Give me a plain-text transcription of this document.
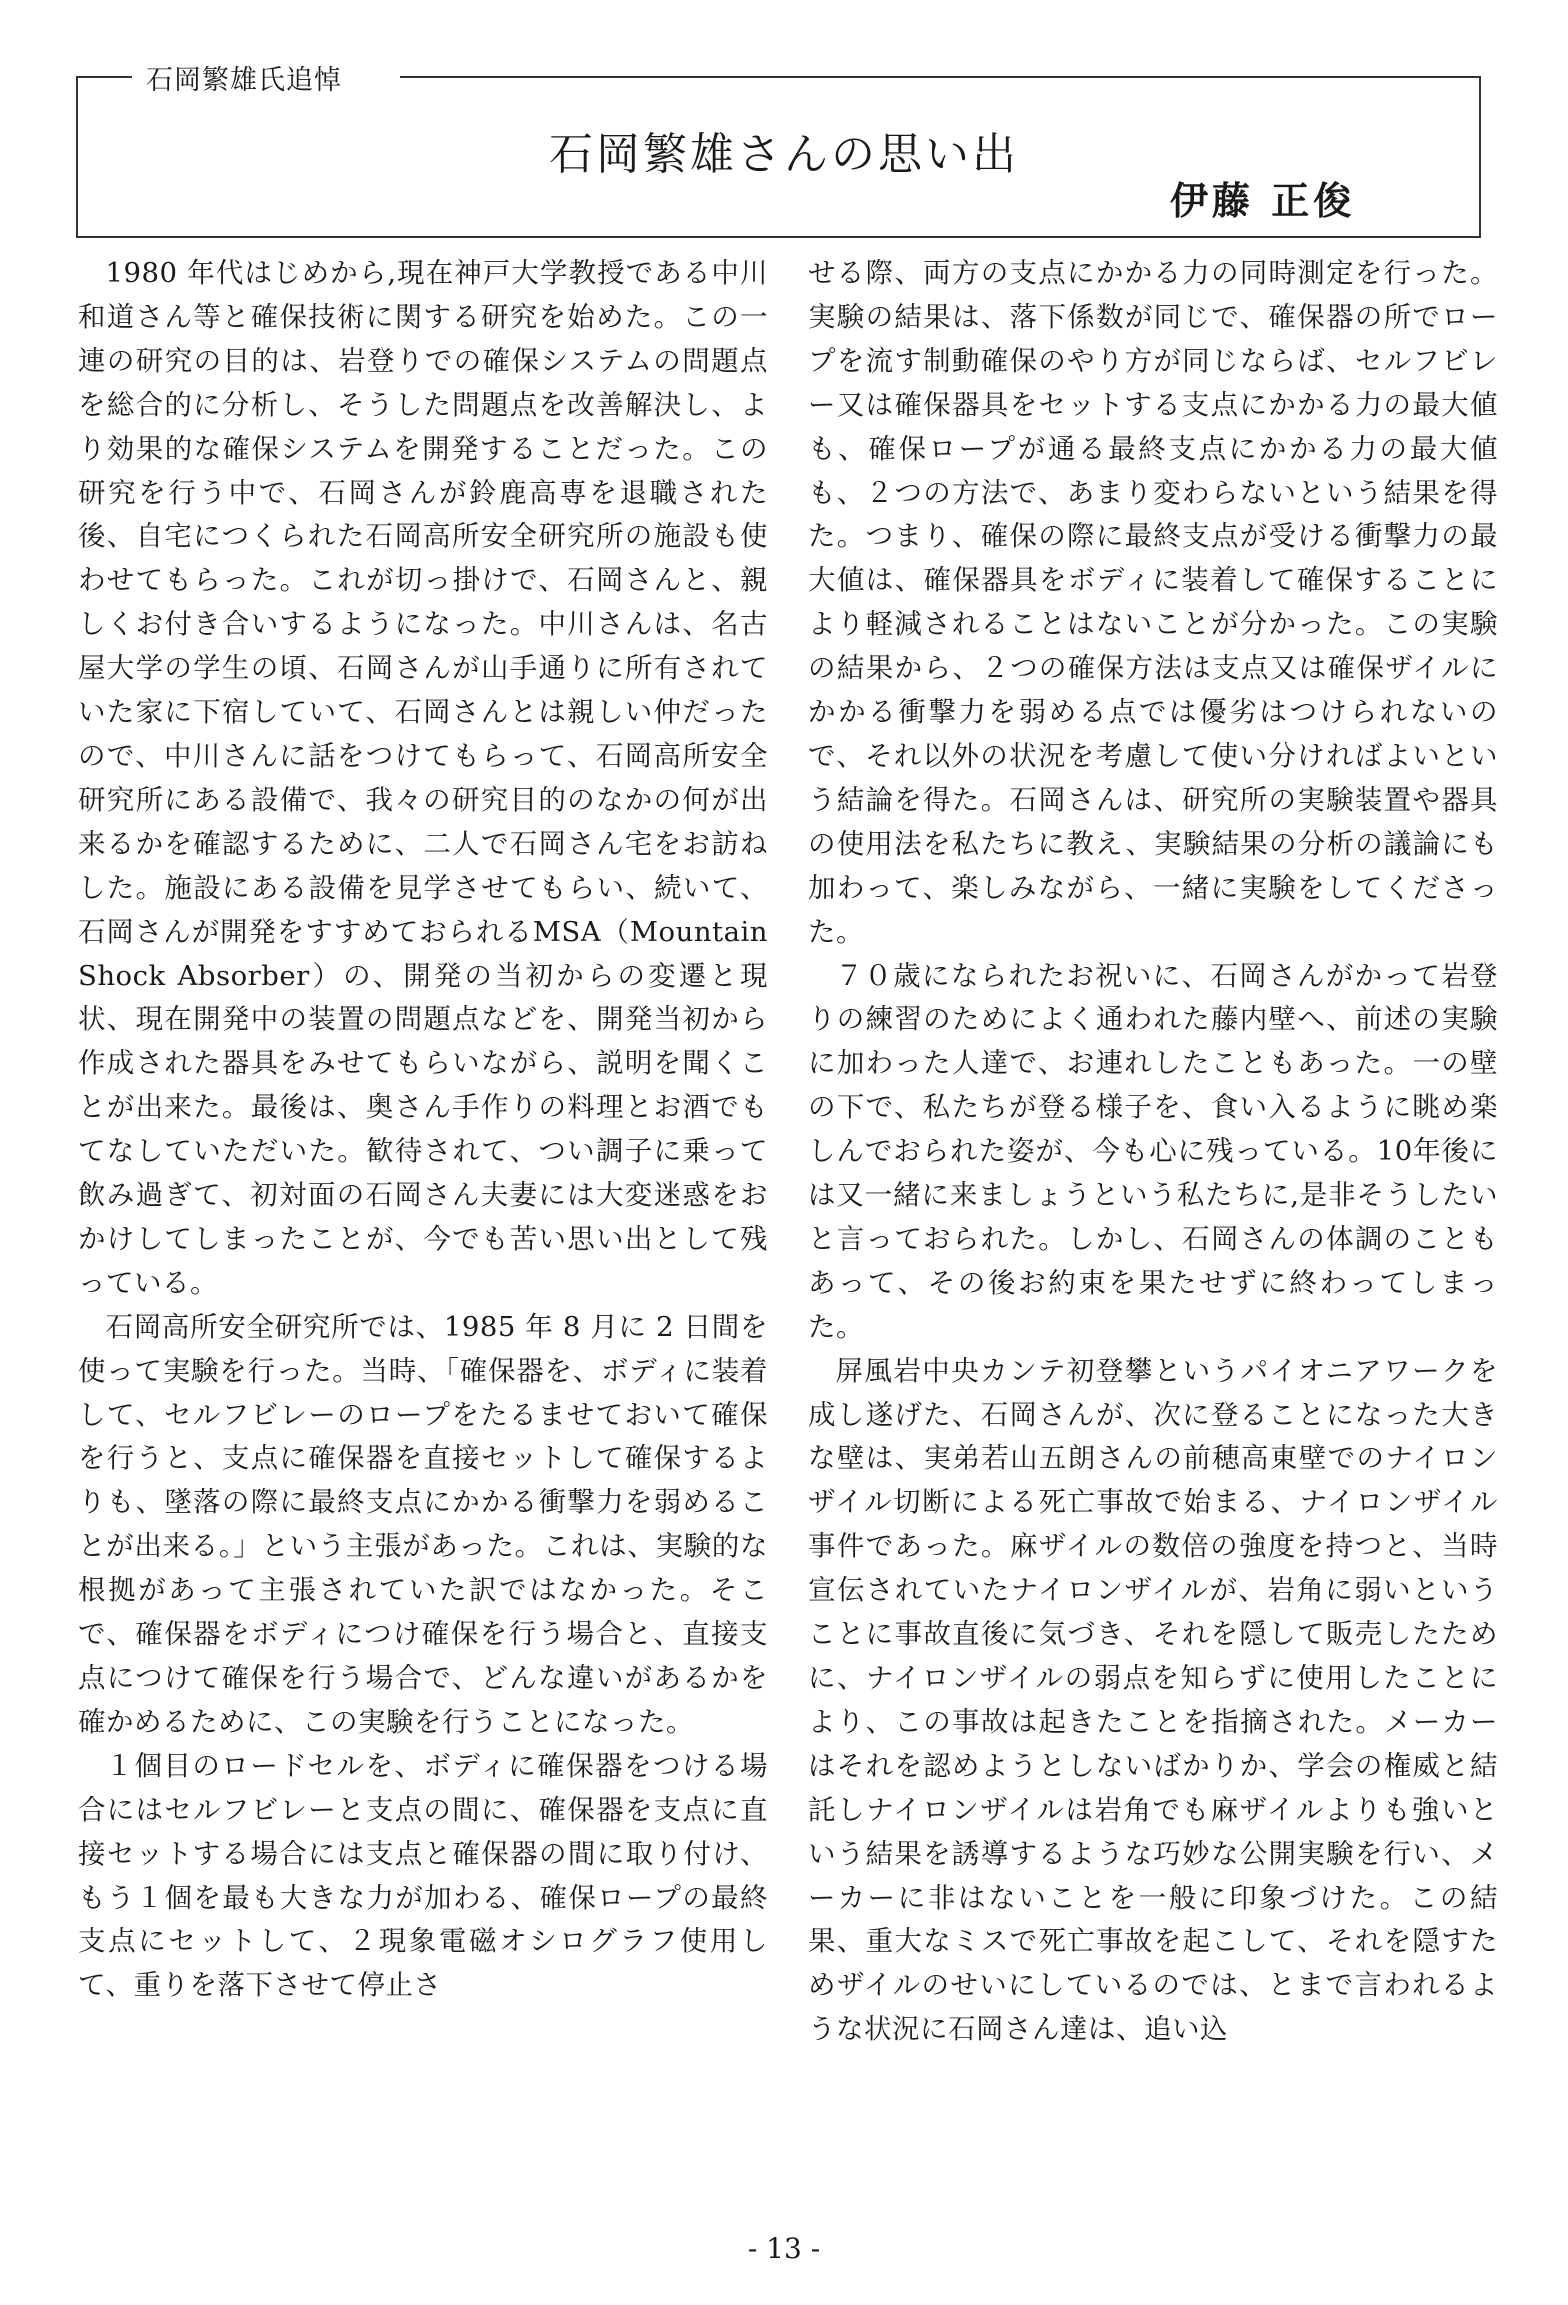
石岡繁雄氏追悼
石岡繁雄さんの思い出
伊藤 正俊

1980 年代はじめから,現在神戸大学教授である中川和道さん等と確保技術に関する研究を始めた。この一連の研究の目的は、岩登りでの確保システムの問題点を総合的に分析し、そうした問題点を改善解決し、より効果的な確保システムを開発することだった。この研究を行う中で、石岡さんが鈴鹿高専を退職された後、自宅につくられた石岡高所安全研究所の施設も使わせてもらった。これが切っ掛けで、石岡さんと、親しくお付き合いするようになった。中川さんは、名古屋大学の学生の頃、石岡さんが山手通りに所有されていた家に下宿していて、石岡さんとは親しい仲だったので、中川さんに話をつけてもらって、石岡高所安全研究所にある設備で、我々の研究目的のなかの何が出来るかを確認するために、二人で石岡さん宅をお訪ねした。施設にある設備を見学させてもらい、続いて、石岡さんが開発をすすめておられるMSA（Mountain Shock Absorber）の、開発の当初からの変遷と現状、現在開発中の装置の問題点などを、開発当初から作成された器具をみせてもらいながら、説明を聞くことが出来た。最後は、奥さん手作りの料理とお酒でもてなしていただいた。歓待されて、つい調子に乗って飲み過ぎて、初対面の石岡さん夫妻には大変迷惑をおかけしてしまったことが、今でも苦い思い出として残っている。

石岡高所安全研究所では、1985 年 8 月に 2 日間を使って実験を行った。当時、「確保器を、ボディに装着して、セルフビレーのロープをたるませておいて確保を行うと、支点に確保器を直接セットして確保するよりも、墜落の際に最終支点にかかる衝撃力を弱めることが出来る。」という主張があった。これは、実験的な根拠があって主張されていた訳ではなかった。そこで、確保器をボディにつけ確保を行う場合と、直接支点につけて確保を行う場合で、どんな違いがあるかを確かめるために、この実験を行うことになった。

１個目のロードセルを、ボディに確保器をつける場合にはセルフビレーと支点の間に、確保器を支点に直接セットする場合には支点と確保器の間に取り付け、もう１個を最も大きな力が加わる、確保ロープの最終支点にセットして、２現象電磁オシログラフ使用して、重りを落下させて停止さ

せる際、両方の支点にかかる力の同時測定を行った。実験の結果は、落下係数が同じで、確保器の所でロープを流す制動確保のやり方が同じならば、セルフビレー又は確保器具をセットする支点にかかる力の最大値も、確保ロープが通る最終支点にかかる力の最大値も、２つの方法で、あまり変わらないという結果を得た。つまり、確保の際に最終支点が受ける衝撃力の最大値は、確保器具をボディに装着して確保することにより軽減されることはないことが分かった。この実験の結果から、２つの確保方法は支点又は確保ザイルにかかる衝撃力を弱める点では優劣はつけられないので、それ以外の状況を考慮して使い分ければよいという結論を得た。石岡さんは、研究所の実験装置や器具の使用法を私たちに教え、実験結果の分析の議論にも加わって、楽しみながら、一緒に実験をしてくださった。

７０歳になられたお祝いに、石岡さんがかって岩登りの練習のためによく通われた藤内壁へ、前述の実験に加わった人達で、お連れしたこともあった。一の壁の下で、私たちが登る様子を、食い入るように眺め楽しんでおられた姿が、今も心に残っている。10年後には又一緒に来ましょうという私たちに,是非そうしたいと言っておられた。しかし、石岡さんの体調のこともあって、その後お約束を果たせずに終わってしまった。

屏風岩中央カンテ初登攀というパイオニアワークを成し遂げた、石岡さんが、次に登ることになった大きな壁は、実弟若山五朗さんの前穂高東壁でのナイロンザイル切断による死亡事故で始まる、ナイロンザイル事件であった。麻ザイルの数倍の強度を持つと、当時宣伝されていたナイロンザイルが、岩角に弱いということに事故直後に気づき、それを隠して販売したために、ナイロンザイルの弱点を知らずに使用したことにより、この事故は起きたことを指摘された。メーカーはそれを認めようとしないばかりか、学会の権威と結託しナイロンザイルは岩角でも麻ザイルよりも強いという結果を誘導するような巧妙な公開実験を行い、メーカーに非はないことを一般に印象づけた。この結果、重大なミスで死亡事故を起こして、それを隠すためザイルのせいにしているのでは、とまで言われるような状況に石岡さん達は、追い込

- 13 -
